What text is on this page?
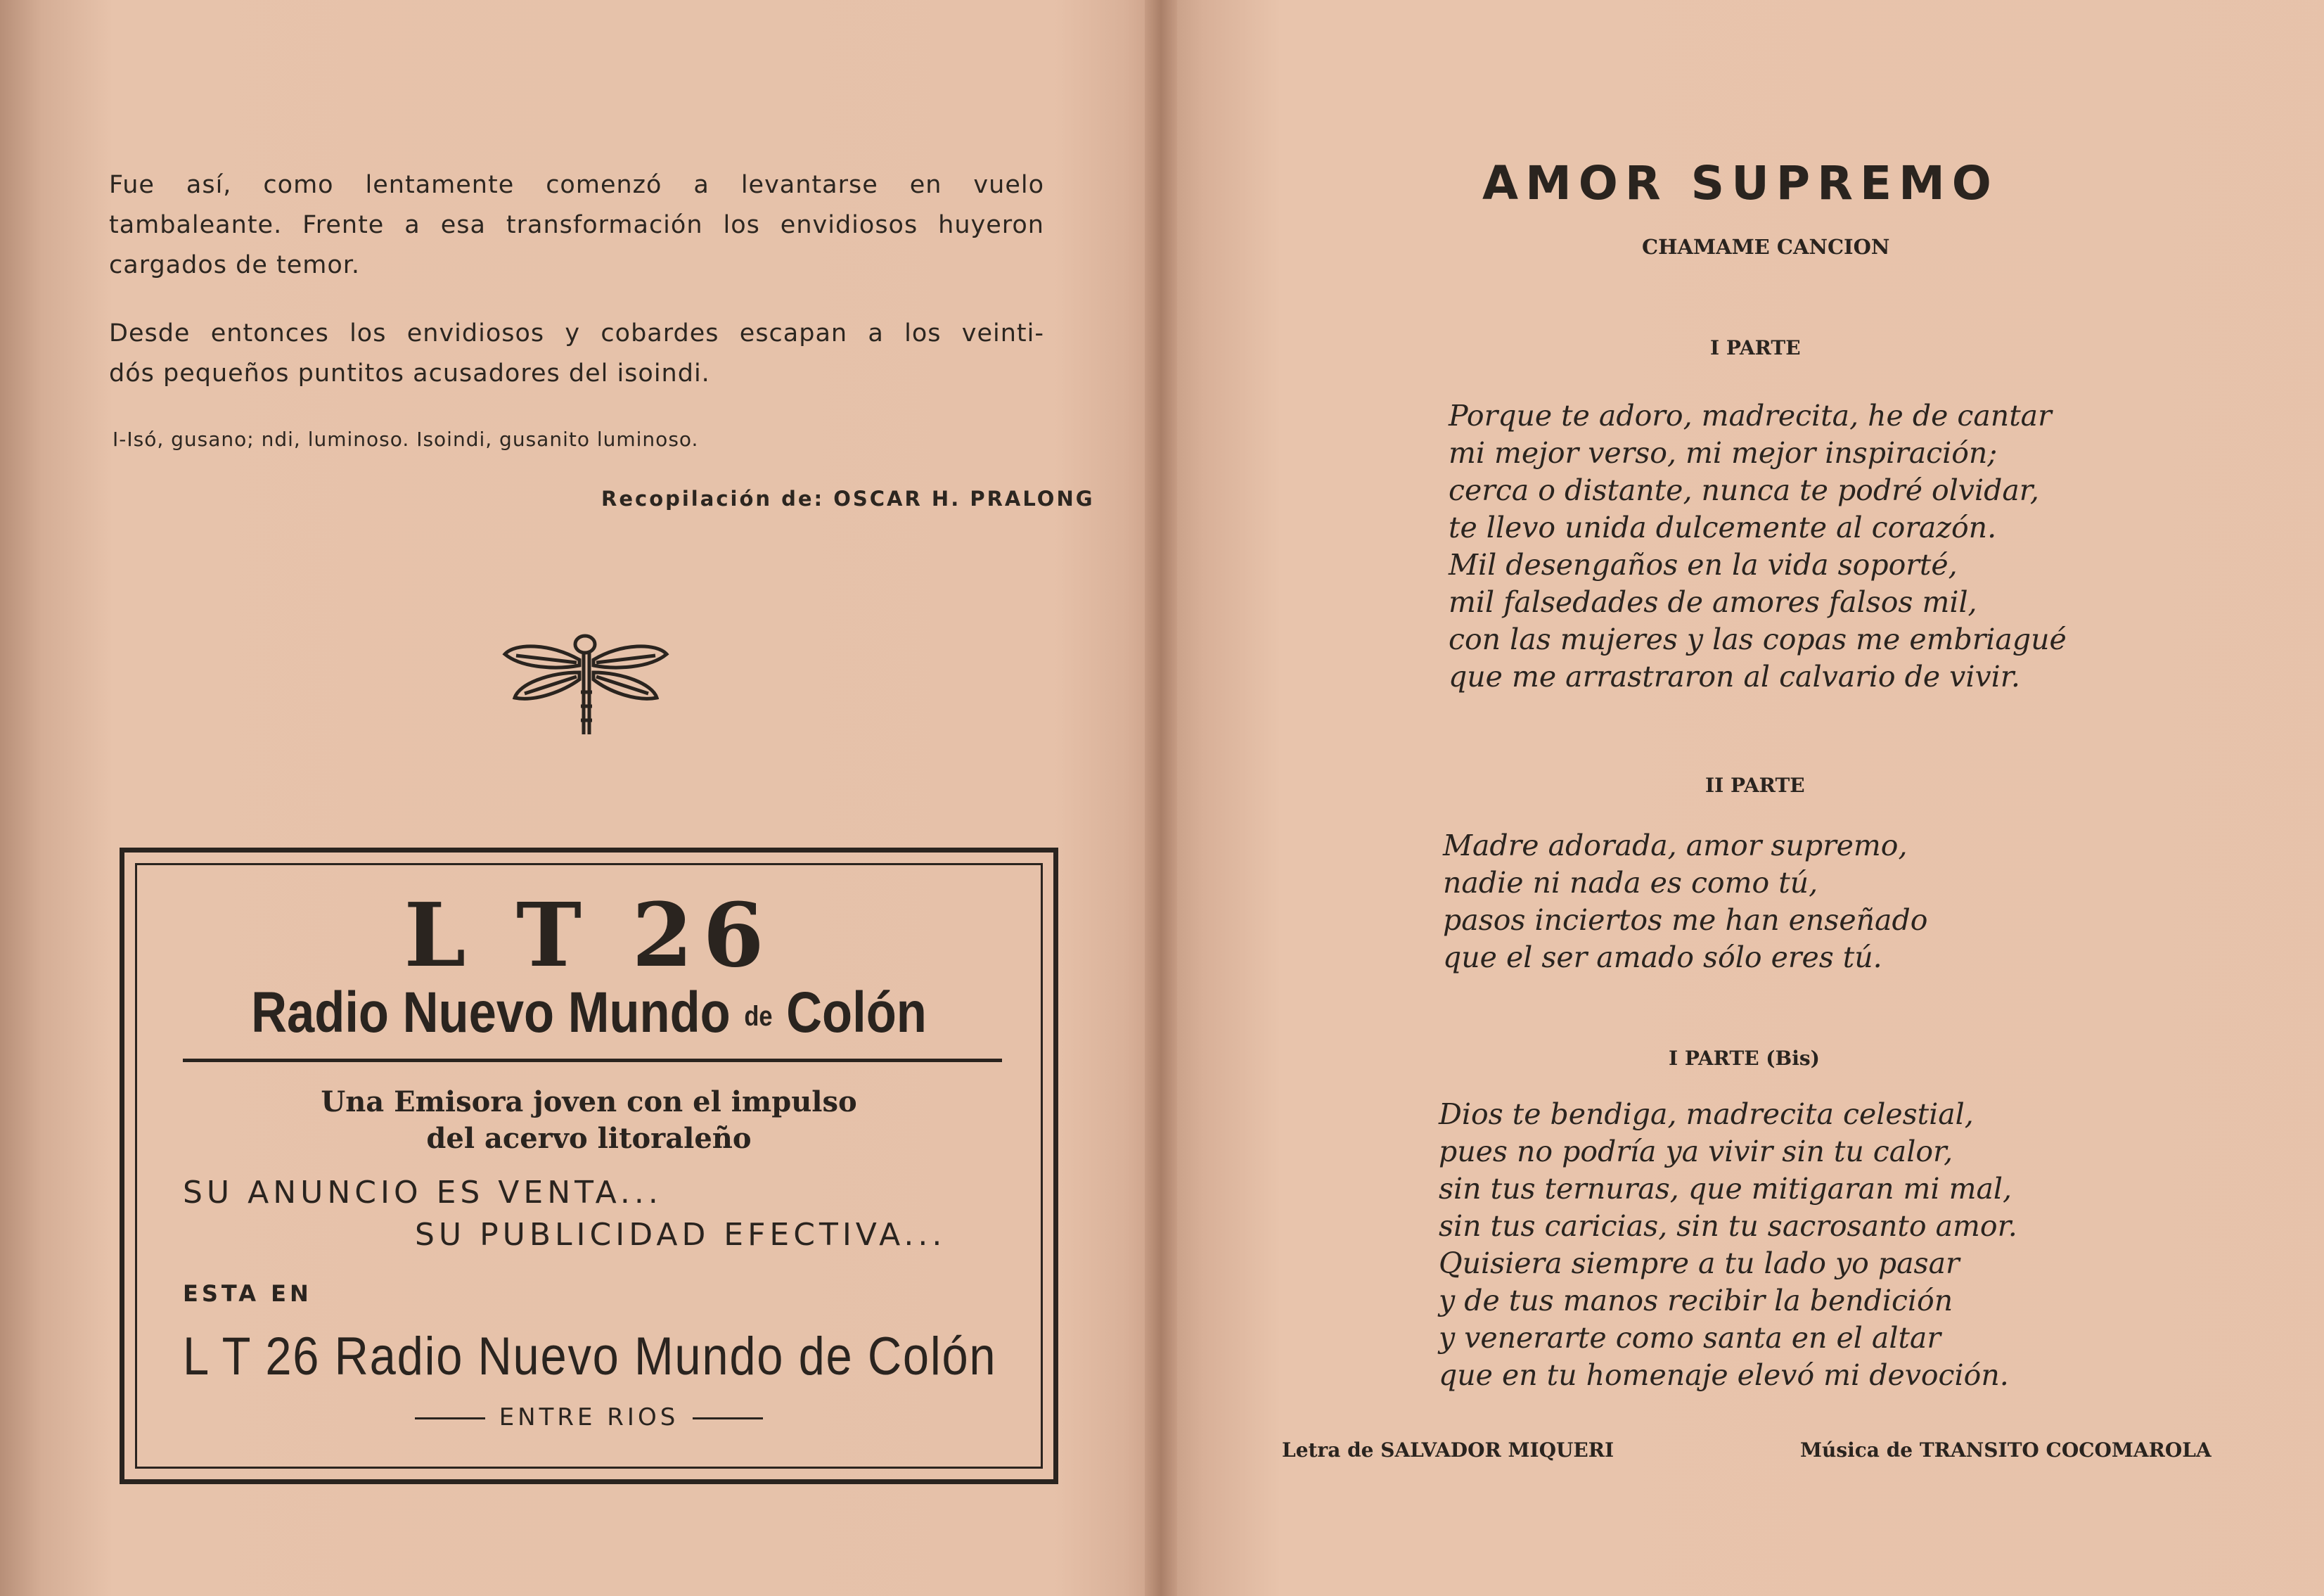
Fue así, como lentamente comenzó a levantarse en vuelo

tambaleante. Frente a esa transformación los envidiosos huyeron

cargados de temor.

Desde entonces los envidiosos y cobardes escapan a los veinti-

dós pequeños puntitos acusadores del isoindi.

I-Isó, gusano; ndi, luminoso. Isoindi, gusanito luminoso.
Recopilación de: OSCAR H. PRALONG
L T 26
Radio Nuevo Mundo de Colón
Una Emisora joven con el impulso
del acervo litoraleño
SU ANUNCIO ES VENTA...
SU PUBLICIDAD EFECTIVA...
ESTA EN
L T 26 Radio Nuevo Mundo de Colón
ENTRE RIOS
AMOR SUPREMO
CHAMAME CANCION
I PARTE
Porque te adoro, madrecita, he de cantar
mi mejor verso, mi mejor inspiración;
cerca o distante, nunca te podré olvidar,
te llevo unida dulcemente al corazón.
Mil desengaños en la vida soporté,
mil falsedades de amores falsos mil,
con las mujeres y las copas me embriagué
que me arrastraron al calvario de vivir.
II PARTE
Madre adorada, amor supremo,
nadie ni nada es como tú,
pasos inciertos me han enseñado
que el ser amado sólo eres tú.
I PARTE (Bis)
Dios te bendiga, madrecita celestial,
pues no podría ya vivir sin tu calor,
sin tus ternuras, que mitigaran mi mal,
sin tus caricias, sin tu sacrosanto amor.
Quisiera siempre a tu lado yo pasar
y de tus manos recibir la bendición
y venerarte como santa en el altar
que en tu homenaje elevó mi devoción.
Letra de SALVADOR MIQUERI	Música de TRANSITO COCOMAROLA
